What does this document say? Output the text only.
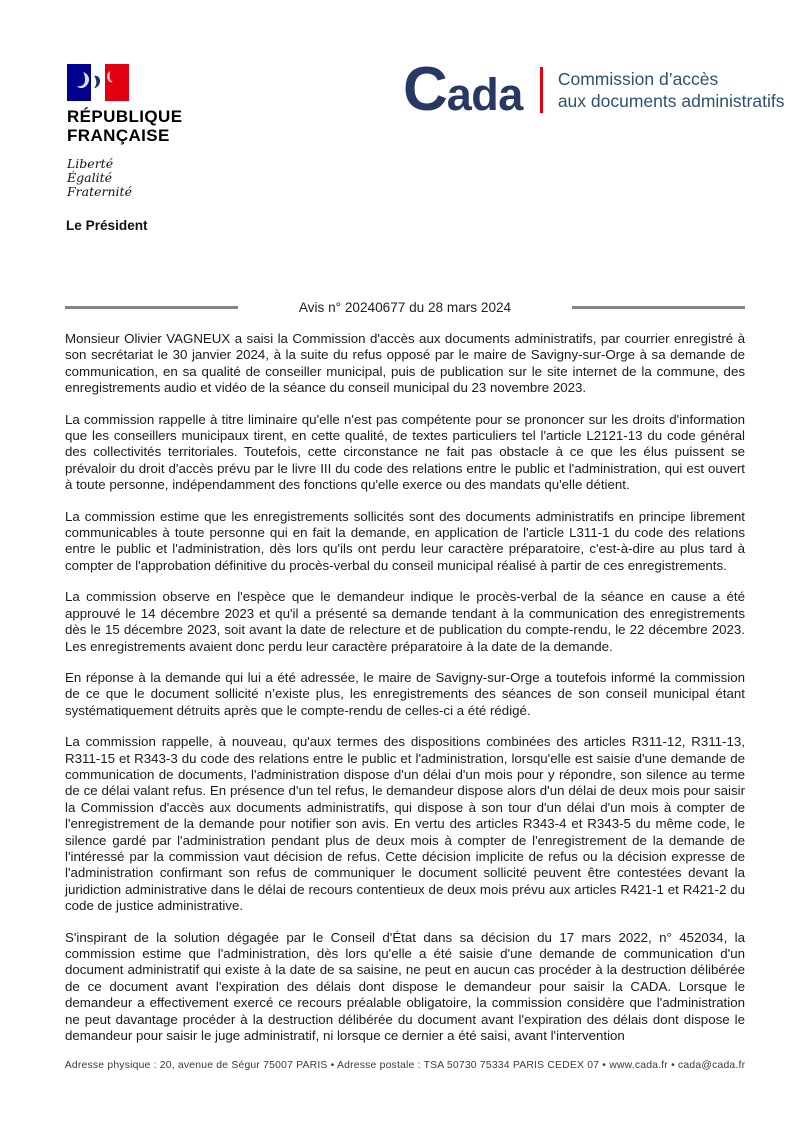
RÉPUBLIQUE
FRANÇAISE
Liberté
Égalité
Fraternité
C ada Commission d’accès
aux documents administratifs
Le Président
Avis n° 20240677 du 28 mars 2024

Monsieur Olivier VAGNEUX a saisi la Commission d'accès aux documents administratifs, par courrier enregistré à son secrétariat le 30 janvier 2024, à la suite du refus opposé par le maire de Savigny-sur-Orge à sa demande de communication, en sa qualité de conseiller municipal, puis de publication sur le site internet de la commune, des enregistrements audio et vidéo de la séance du conseil municipal du 23 novembre 2023.

La commission rappelle à titre liminaire qu'elle n'est pas compétente pour se prononcer sur les droits d'information que les conseillers municipaux tirent, en cette qualité, de textes particuliers tel l'article L2121-13 du code général des collectivités territoriales. Toutefois, cette circonstance ne fait pas obstacle à ce que les élus puissent se prévaloir du droit d'accès prévu par le livre III du code des relations entre le public et l'administration, qui est ouvert à toute personne, indépendamment des fonctions qu'elle exerce ou des mandats qu'elle détient.

La commission estime que les enregistrements sollicités sont des documents administratifs en principe librement communicables à toute personne qui en fait la demande, en application de l'article L311-1 du code des relations entre le public et l'administration, dès lors qu'ils ont perdu leur caractère préparatoire, c'est-à-dire au plus tard à compter de l'approbation définitive du procès-verbal du conseil municipal réalisé à partir de ces enregistrements.

La commission observe en l'espèce que le demandeur indique le procès-verbal de la séance en cause a été approuvé le 14 décembre 2023 et qu'il a présenté sa demande tendant à la communication des enregistrements dès le 15 décembre 2023, soit avant la date de relecture et de publication du compte-rendu, le 22 décembre 2023. Les enregistrements avaient donc perdu leur caractère préparatoire à la date de la demande.

En réponse à la demande qui lui a été adressée, le maire de Savigny-sur-Orge a toutefois informé la commission de ce que le document sollicité n’existe plus, les enregistrements des séances de son conseil municipal étant systématiquement détruits après que le compte-rendu de celles-ci a été rédigé.

La commission rappelle, à nouveau, qu'aux termes des dispositions combinées des articles R311-12, R311-13, R311-15 et R343-3 du code des relations entre le public et l'administration, lorsqu'elle est saisie d'une demande de communication de documents, l'administration dispose d'un délai d'un mois pour y répondre, son silence au terme de ce délai valant refus. En présence d'un tel refus, le demandeur dispose alors d'un délai de deux mois pour saisir la Commission d'accès aux documents administratifs, qui dispose à son tour d'un délai d'un mois à compter de l'enregistrement de la demande pour notifier son avis. En vertu des articles R343-4 et R343-5 du même code, le silence gardé par l'administration pendant plus de deux mois à compter de l'enregistrement de la demande de l'intéressé par la commission vaut décision de refus. Cette décision implicite de refus ou la décision expresse de l'administration confirmant son refus de communiquer le document sollicité peuvent être contestées devant la juridiction administrative dans le délai de recours contentieux de deux mois prévu aux articles R421-1 et R421-2 du code de justice administrative.

S'inspirant de la solution dégagée par le Conseil d'État dans sa décision du 17 mars 2022, n° 452034, la commission estime que l'administration, dès lors qu'elle a été saisie d'une demande de communication d'un document administratif qui existe à la date de sa saisine, ne peut en aucun cas procéder à la destruction délibérée de ce document avant l'expiration des délais dont dispose le demandeur pour saisir la CADA. Lorsque le demandeur a effectivement exercé ce recours préalable obligatoire, la commission considère que l'administration ne peut davantage procéder à la destruction délibérée du document avant l'expiration des délais dont dispose le demandeur pour saisir le juge administratif, ni lorsque ce dernier a été saisi, avant l'intervention

Adresse physique : 20, avenue de Ségur 75007 PARIS • Adresse postale : TSA 50730 75334 PARIS CEDEX 07 • www.cada.fr • cada@cada.fr
